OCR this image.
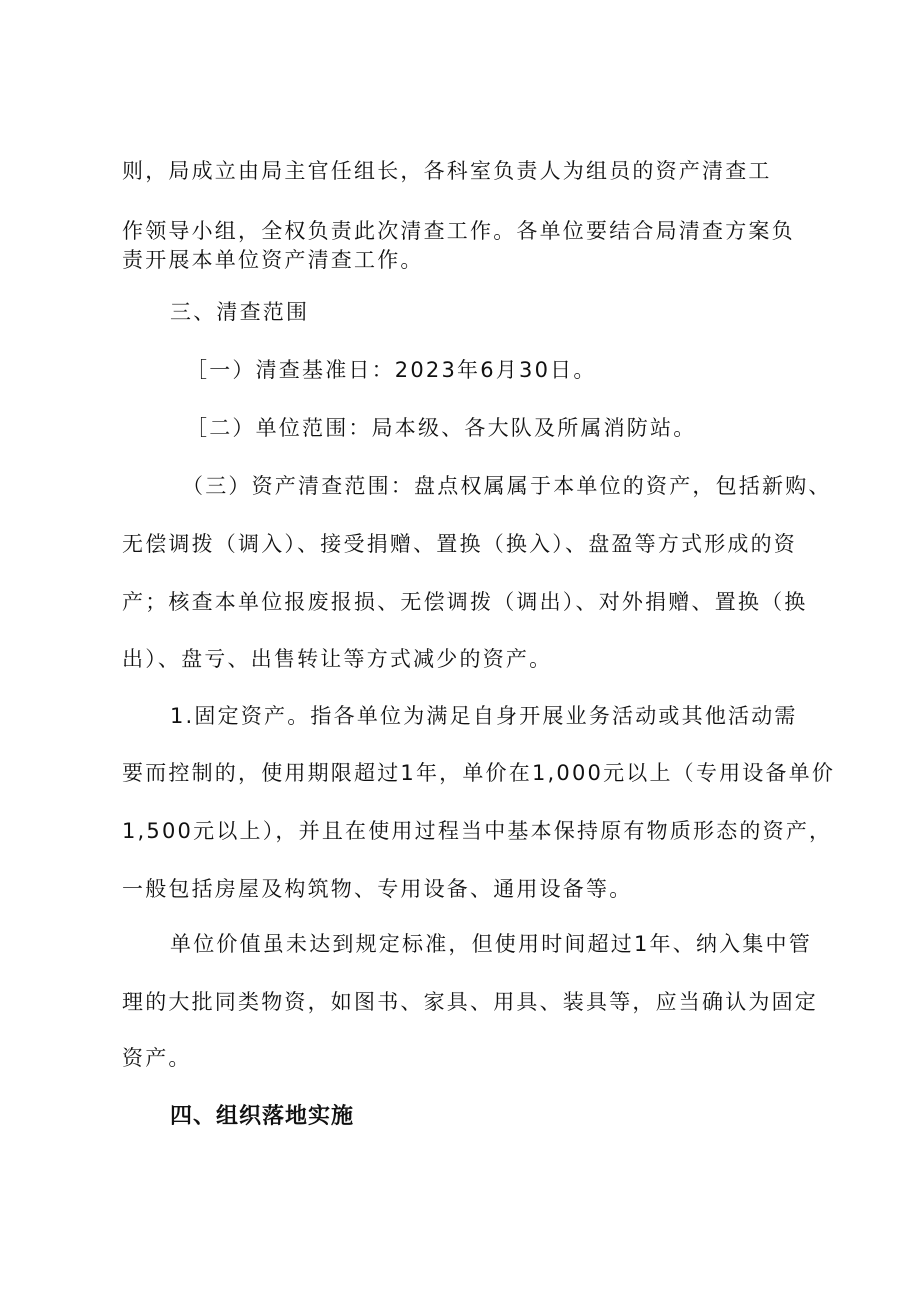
则，局成立由局主官任组长，各科室负责人为组员的资产清查工
作领导小组，全权负责此次清查工作。各单位要结合局清查方案负
责开展本单位资产清查工作。
三、清查范围
［一）清查基准日：2023年6月30日。
［二）单位范围：局本级、各大队及所属消防站。
（三）资产清查范围：盘点权属属于本单位的资产，包括新购、
无偿调拨（调入）、接受捐赠、置换（换入）、盘盈等方式形成的资
产；核查本单位报废报损、无偿调拨（调出）、对外捐赠、置换（换
出）、盘亏、出售转让等方式减少的资产。
1.固定资产。指各单位为满足自身开展业务活动或其他活动需
要而控制的，使用期限超过1年，单价在1,000元以上（专用设备单价
1,500元以上），并且在使用过程当中基本保持原有物质形态的资产，
一般包括房屋及构筑物、专用设备、通用设备等。
单位价值虽未达到规定标准，但使用时间超过1年、纳入集中管
理的大批同类物资，如图书、家具、用具、装具等，应当确认为固定
资产。
四、组织落地实施
